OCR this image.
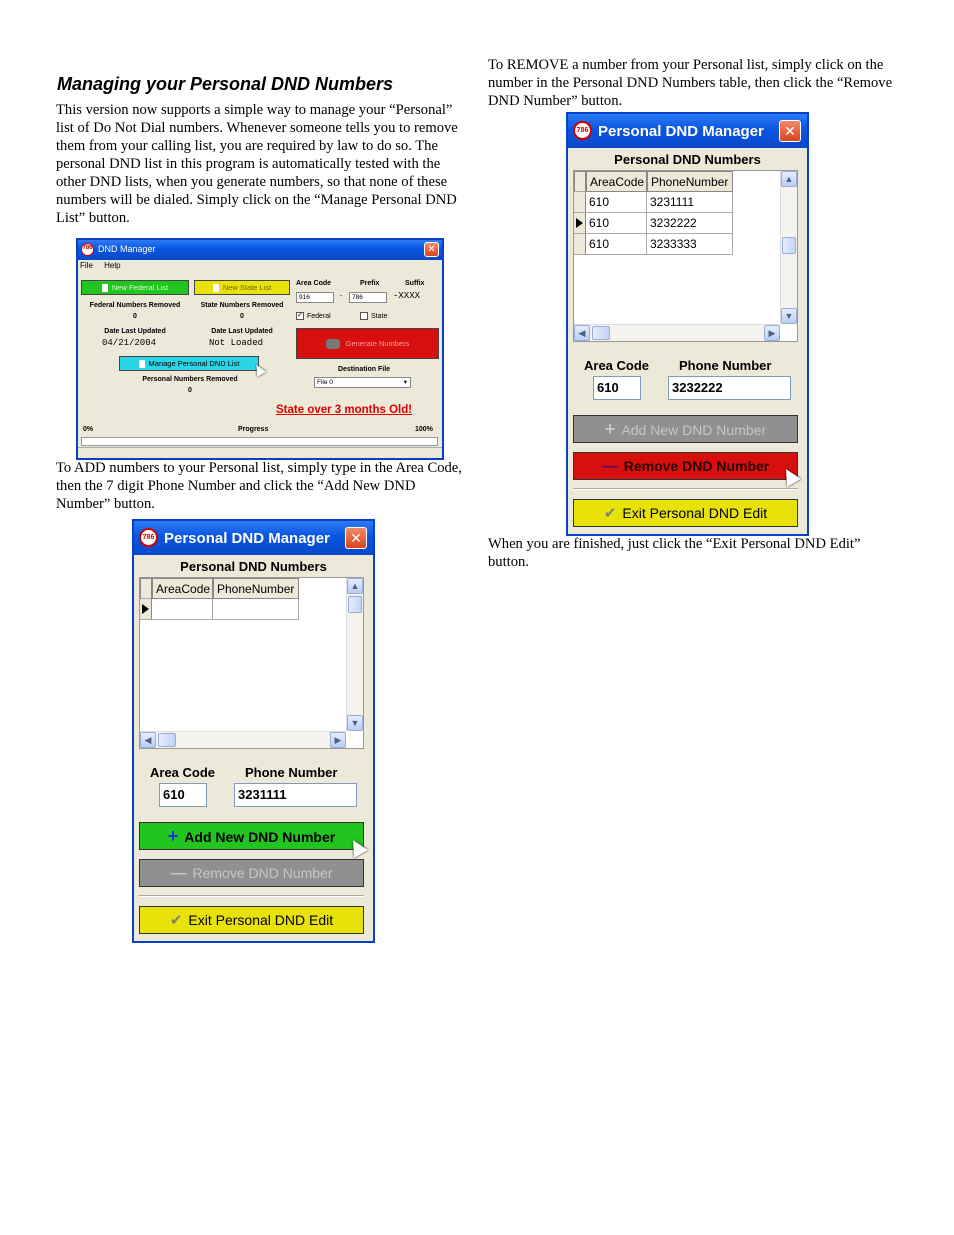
Managing your Personal DND Numbers
This version now supports a simple way to manage your “Personal” list of Do Not Dial numbers. Whenever someone tells you to remove them from your calling list, you are required by law to do so. The personal DND list in this program is automatically tested with the other DND lists, when you generate numbers, so that none of these numbers will be dialed. Simply click on the “Manage Personal DND List” button.
To ADD numbers to your Personal list, simply type in the Area Code, then the 7 digit Phone Number and click the “Add New DND Number” button.
To REMOVE a number from your Personal list, simply click on the number in the Personal DND Numbers table, then click the “Remove DND Number” button.
When you are finished, just click the “Exit Personal DND Edit” button.
786 DND Manager	✕
File Help
New Federal List	New State List
Federal Numbers Removed
0
State Numbers Removed
0
Area Code	Prefix	Suffix
916	-	786	-XXXX
✓ Federal	State
Date Last Updated
04/21/2004
Date Last Updated
Not Loaded	Generate Numbers
Manage Personal DND List
Personal Numbers Removed
0
Destination File
File 0	▾
State over 3 months Old!
0%	Progress	100%
786 Personal DND Manager	✕
Personal DND Numbers
AreaCode PhoneNumber	▲
▼
◀	▶
Area Code Phone Number
610	3231111
+ Add New DND Number
— Remove DND Number
✔ Exit Personal DND Edit
786 Personal DND Manager	✕
Personal DND Numbers
AreaCode PhoneNumber
610	3231111
610	3232222
610	3233333
▲
▼
◀	▶
Area Code Phone Number
610	3232222
+ Add New DND Number
— Remove DND Number
✔ Exit Personal DND Edit
